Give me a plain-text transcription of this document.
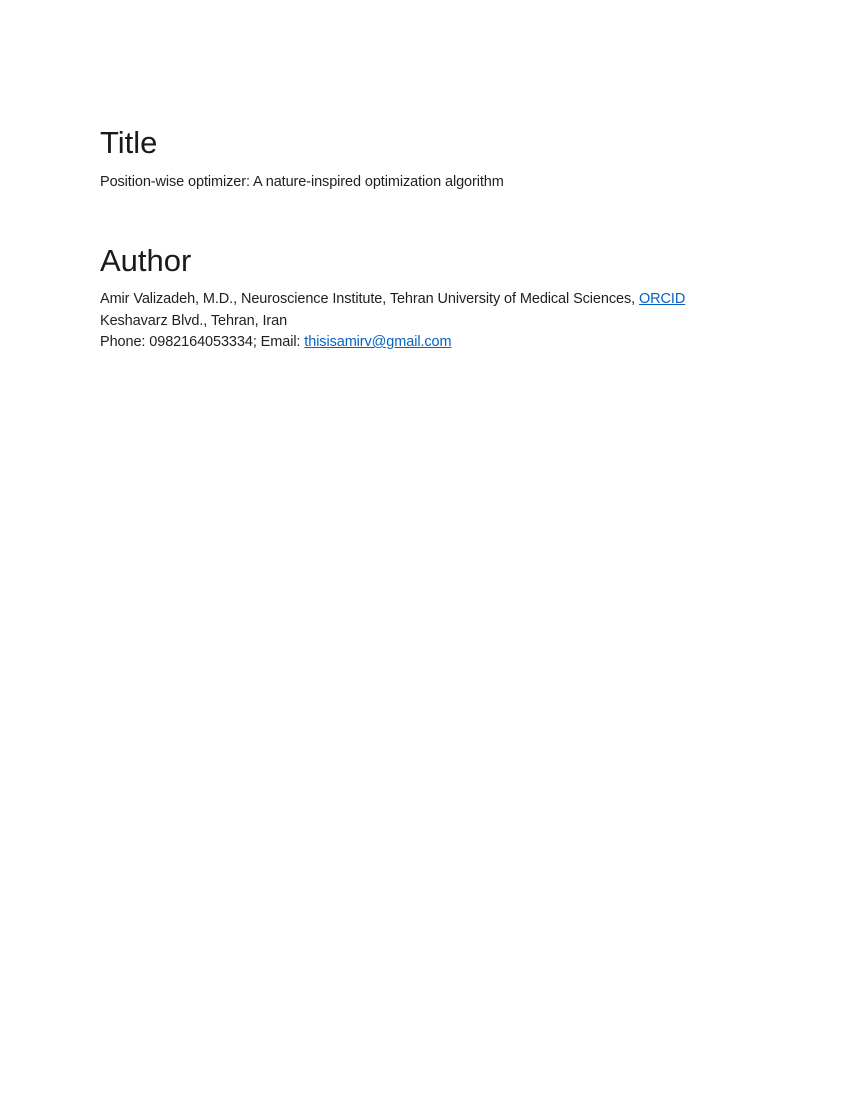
Title

Position-wise optimizer: A nature-inspired optimization algorithm

Author

Amir Valizadeh, M.D., Neuroscience Institute, Tehran University of Medical Sciences, ORCID
Keshavarz Blvd., Tehran, Iran
Phone: 0982164053334; Email: thisisamirv@gmail.com
